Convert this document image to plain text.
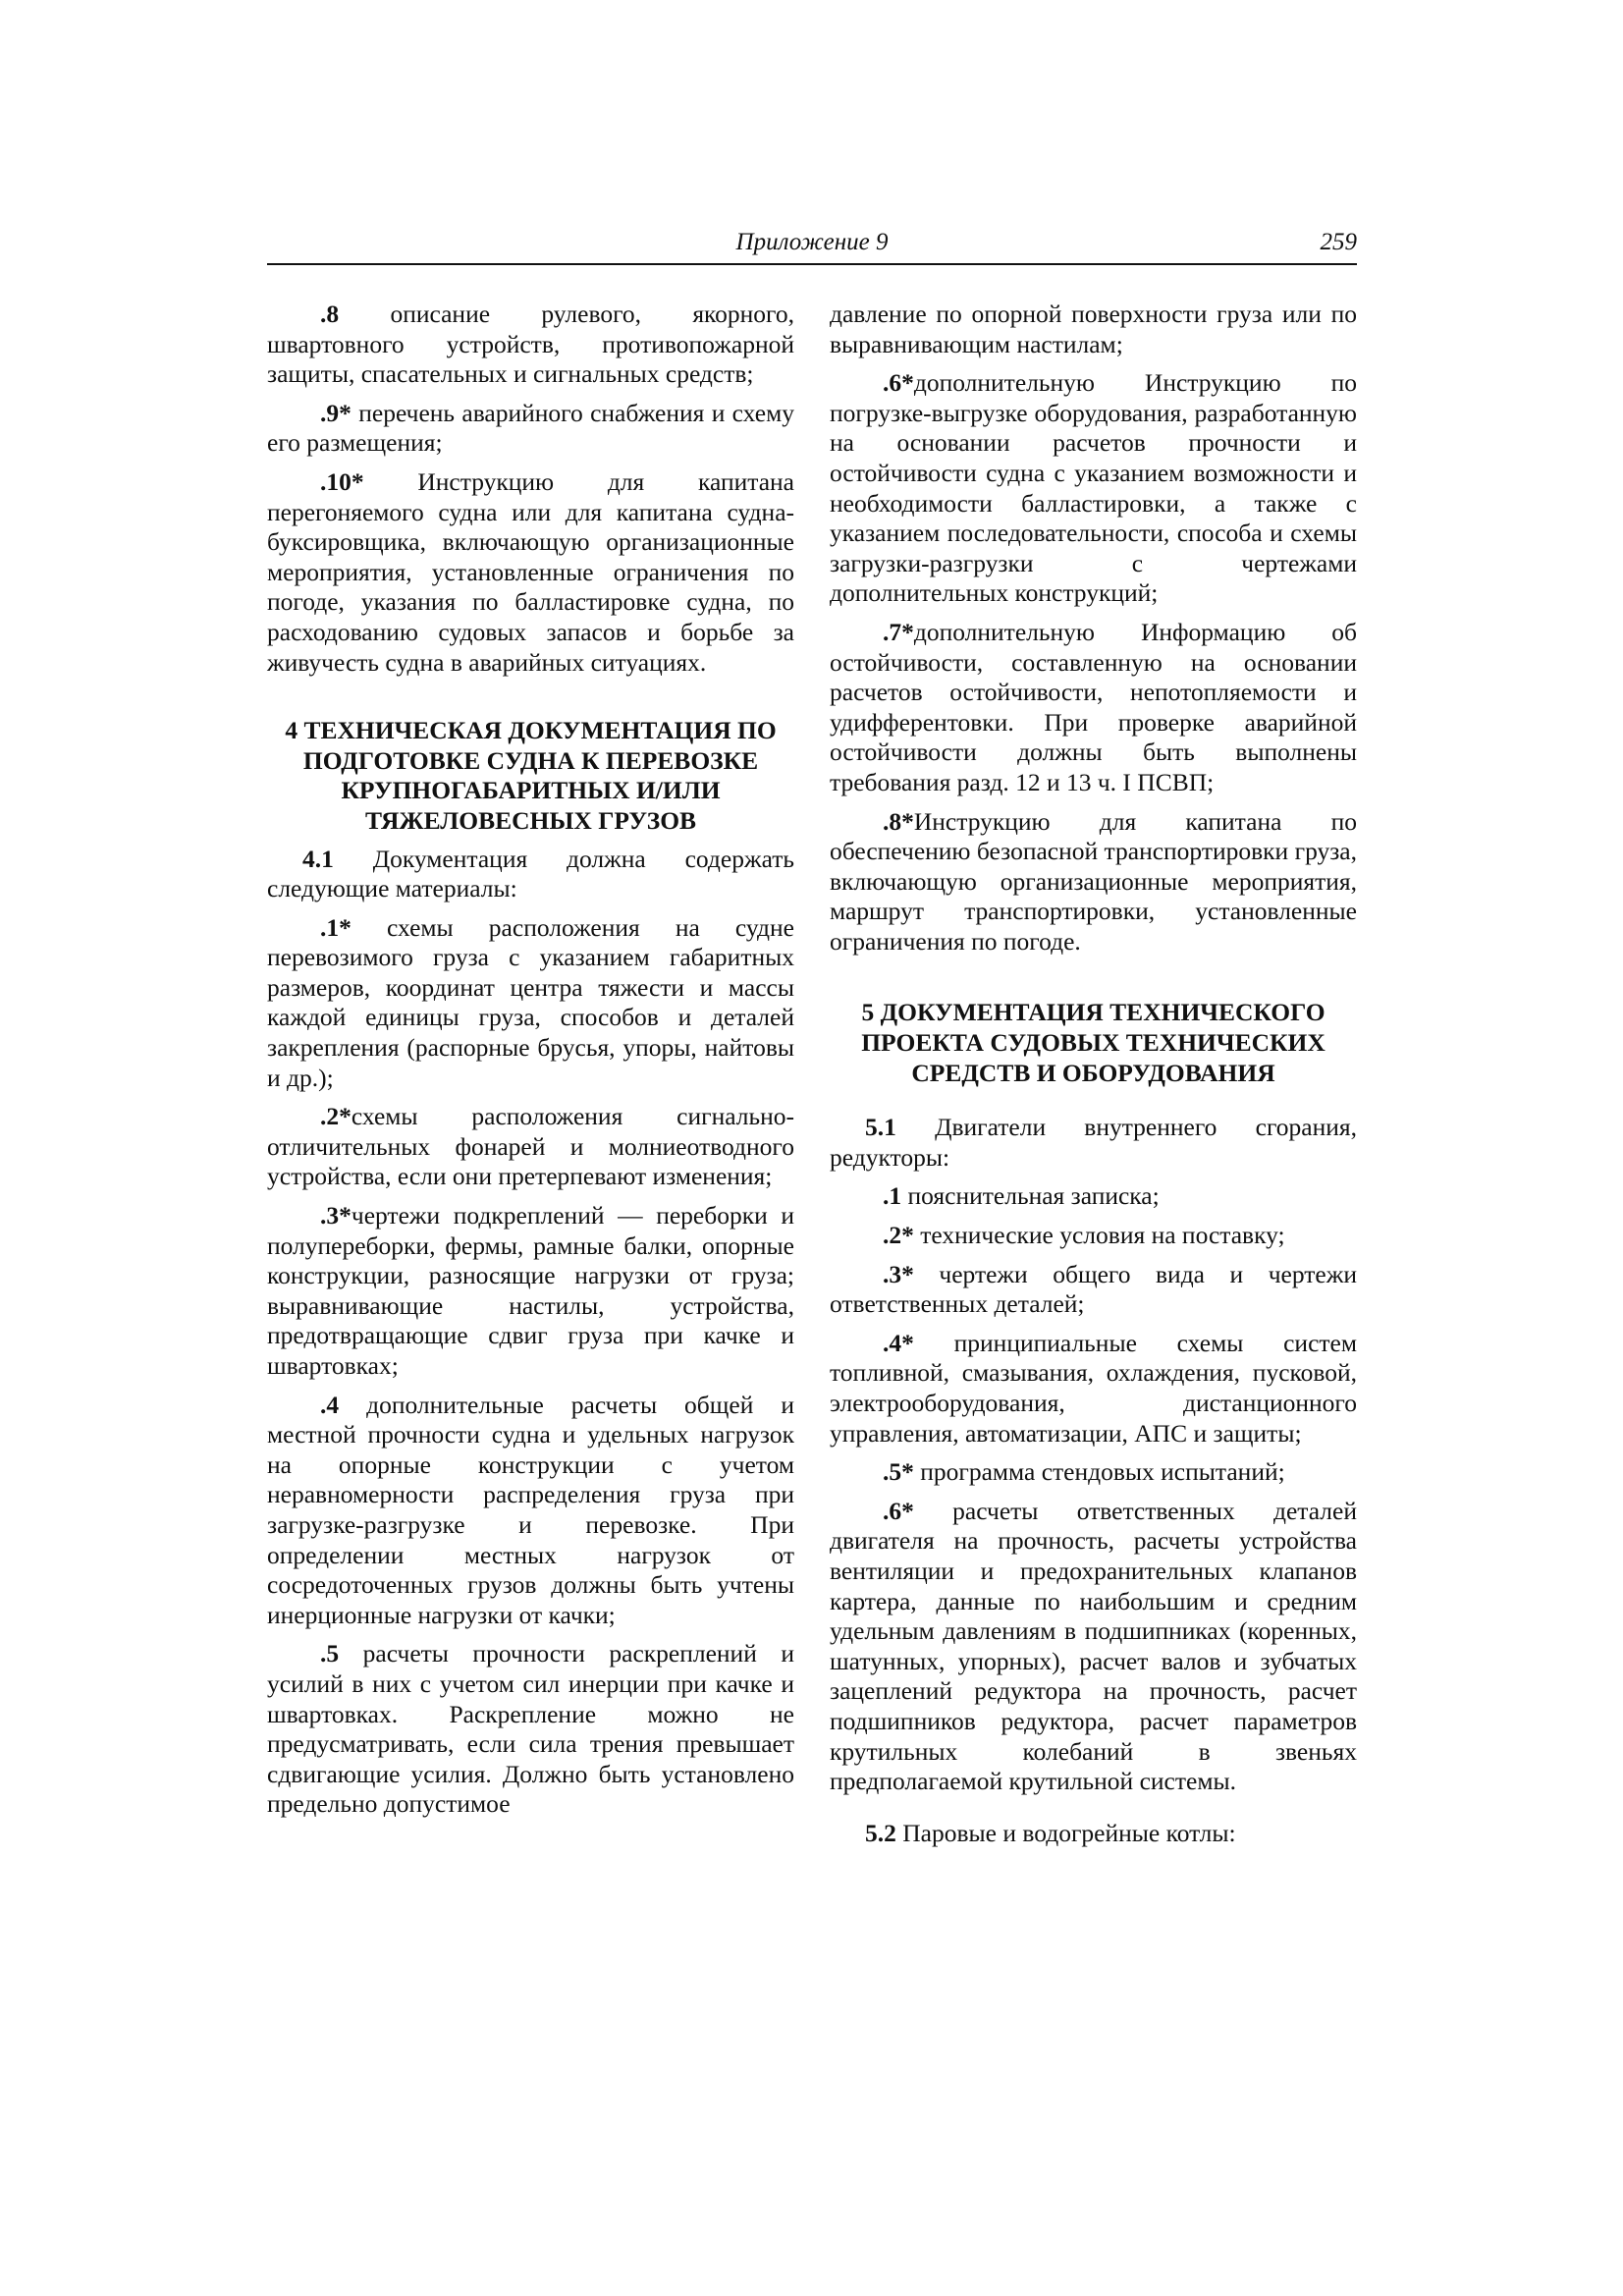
Приложение 9	259

.8 описание рулевого, якорного, швартовного устройств, противопожарной защиты, спасательных и сигнальных средств;

.9* перечень аварийного снабжения и схему его размещения;

.10* Инструкцию для капитана перегоняемого судна или для капитана судна-буксировщика, включающую организационные мероприятия, установленные ограничения по погоде, указания по балластировке судна, по расходованию судовых запасов и борьбе за живучесть судна в аварийных ситуациях.

4 ТЕХНИЧЕСКАЯ ДОКУМЕНТАЦИЯ ПО ПОДГОТОВКЕ СУДНА К ПЕРЕВОЗКЕ КРУПНОГАБАРИТНЫХ И/ИЛИ ТЯЖЕЛОВЕСНЫХ ГРУЗОВ

4.1 Документация должна содержать следующие материалы:

.1* схемы расположения на судне перевозимого груза с указанием габаритных размеров, координат центра тяжести и массы каждой единицы груза, способов и деталей закрепления (распорные брусья, упоры, найтовы и др.);

.2*схемы расположения сигнально-отличительных фонарей и молниеотводного устройства, если они претерпевают изменения;

.3*чертежи подкреплений — переборки и полупереборки, фермы, рамные балки, опорные конструкции, разносящие нагрузки от груза; выравнивающие настилы, устройства, предотвращающие сдвиг груза при качке и швартовках;

.4 дополнительные расчеты общей и местной прочности судна и удельных нагрузок на опорные конструкции с учетом неравномерности распределения груза при загрузке-разгрузке и перевозке. При определении местных нагрузок от сосредоточенных грузов должны быть учтены инерционные нагрузки от качки;

.5 расчеты прочности раскреплений и усилий в них с учетом сил инерции при качке и швартовках. Раскрепление можно не предусматривать, если сила трения превышает сдвигающие усилия. Должно быть установлено предельно допустимое

давление по опорной поверхности груза или по выравнивающим настилам;

.6*дополнительную Инструкцию по погрузке-выгрузке оборудования, разработанную на основании расчетов прочности и остойчивости судна с указанием возможности и необходимости балластировки, а также с указанием последовательности, способа и схемы загрузки-разгрузки с чертежами дополнительных конструкций;

.7*дополнительную Информацию об остойчивости, составленную на основании расчетов остойчивости, непотопляемости и удифферентовки. При проверке аварийной остойчивости должны быть выполнены требования разд. 12 и 13 ч. I ПСВП;

.8*Инструкцию для капитана по обеспечению безопасной транспортировки груза, включающую организационные мероприятия, маршрут транспортировки, установленные ограничения по погоде.

5 ДОКУМЕНТАЦИЯ ТЕХНИЧЕСКОГО ПРОЕКТА СУДОВЫХ ТЕХНИЧЕСКИХ СРЕДСТВ И ОБОРУДОВАНИЯ

5.1 Двигатели внутреннего сгорания, редукторы:

.1 пояснительная записка;

.2* технические условия на поставку;

.3* чертежи общего вида и чертежи ответственных деталей;

.4* принципиальные схемы систем топливной, смазывания, охлаждения, пусковой, электрооборудования, дистанционного управления, автоматизации, АПС и защиты;

.5* программа стендовых испытаний;

.6* расчеты ответственных деталей двигателя на прочность, расчеты устройства вентиляции и предохранительных клапанов картера, данные по наибольшим и средним удельным давлениям в подшипниках (коренных, шатунных, упорных), расчет валов и зубчатых зацеплений редуктора на прочность, расчет подшипников редуктора, расчет параметров крутильных колебаний в звеньях предполагаемой крутильной системы.

5.2 Паровые и водогрейные котлы:
